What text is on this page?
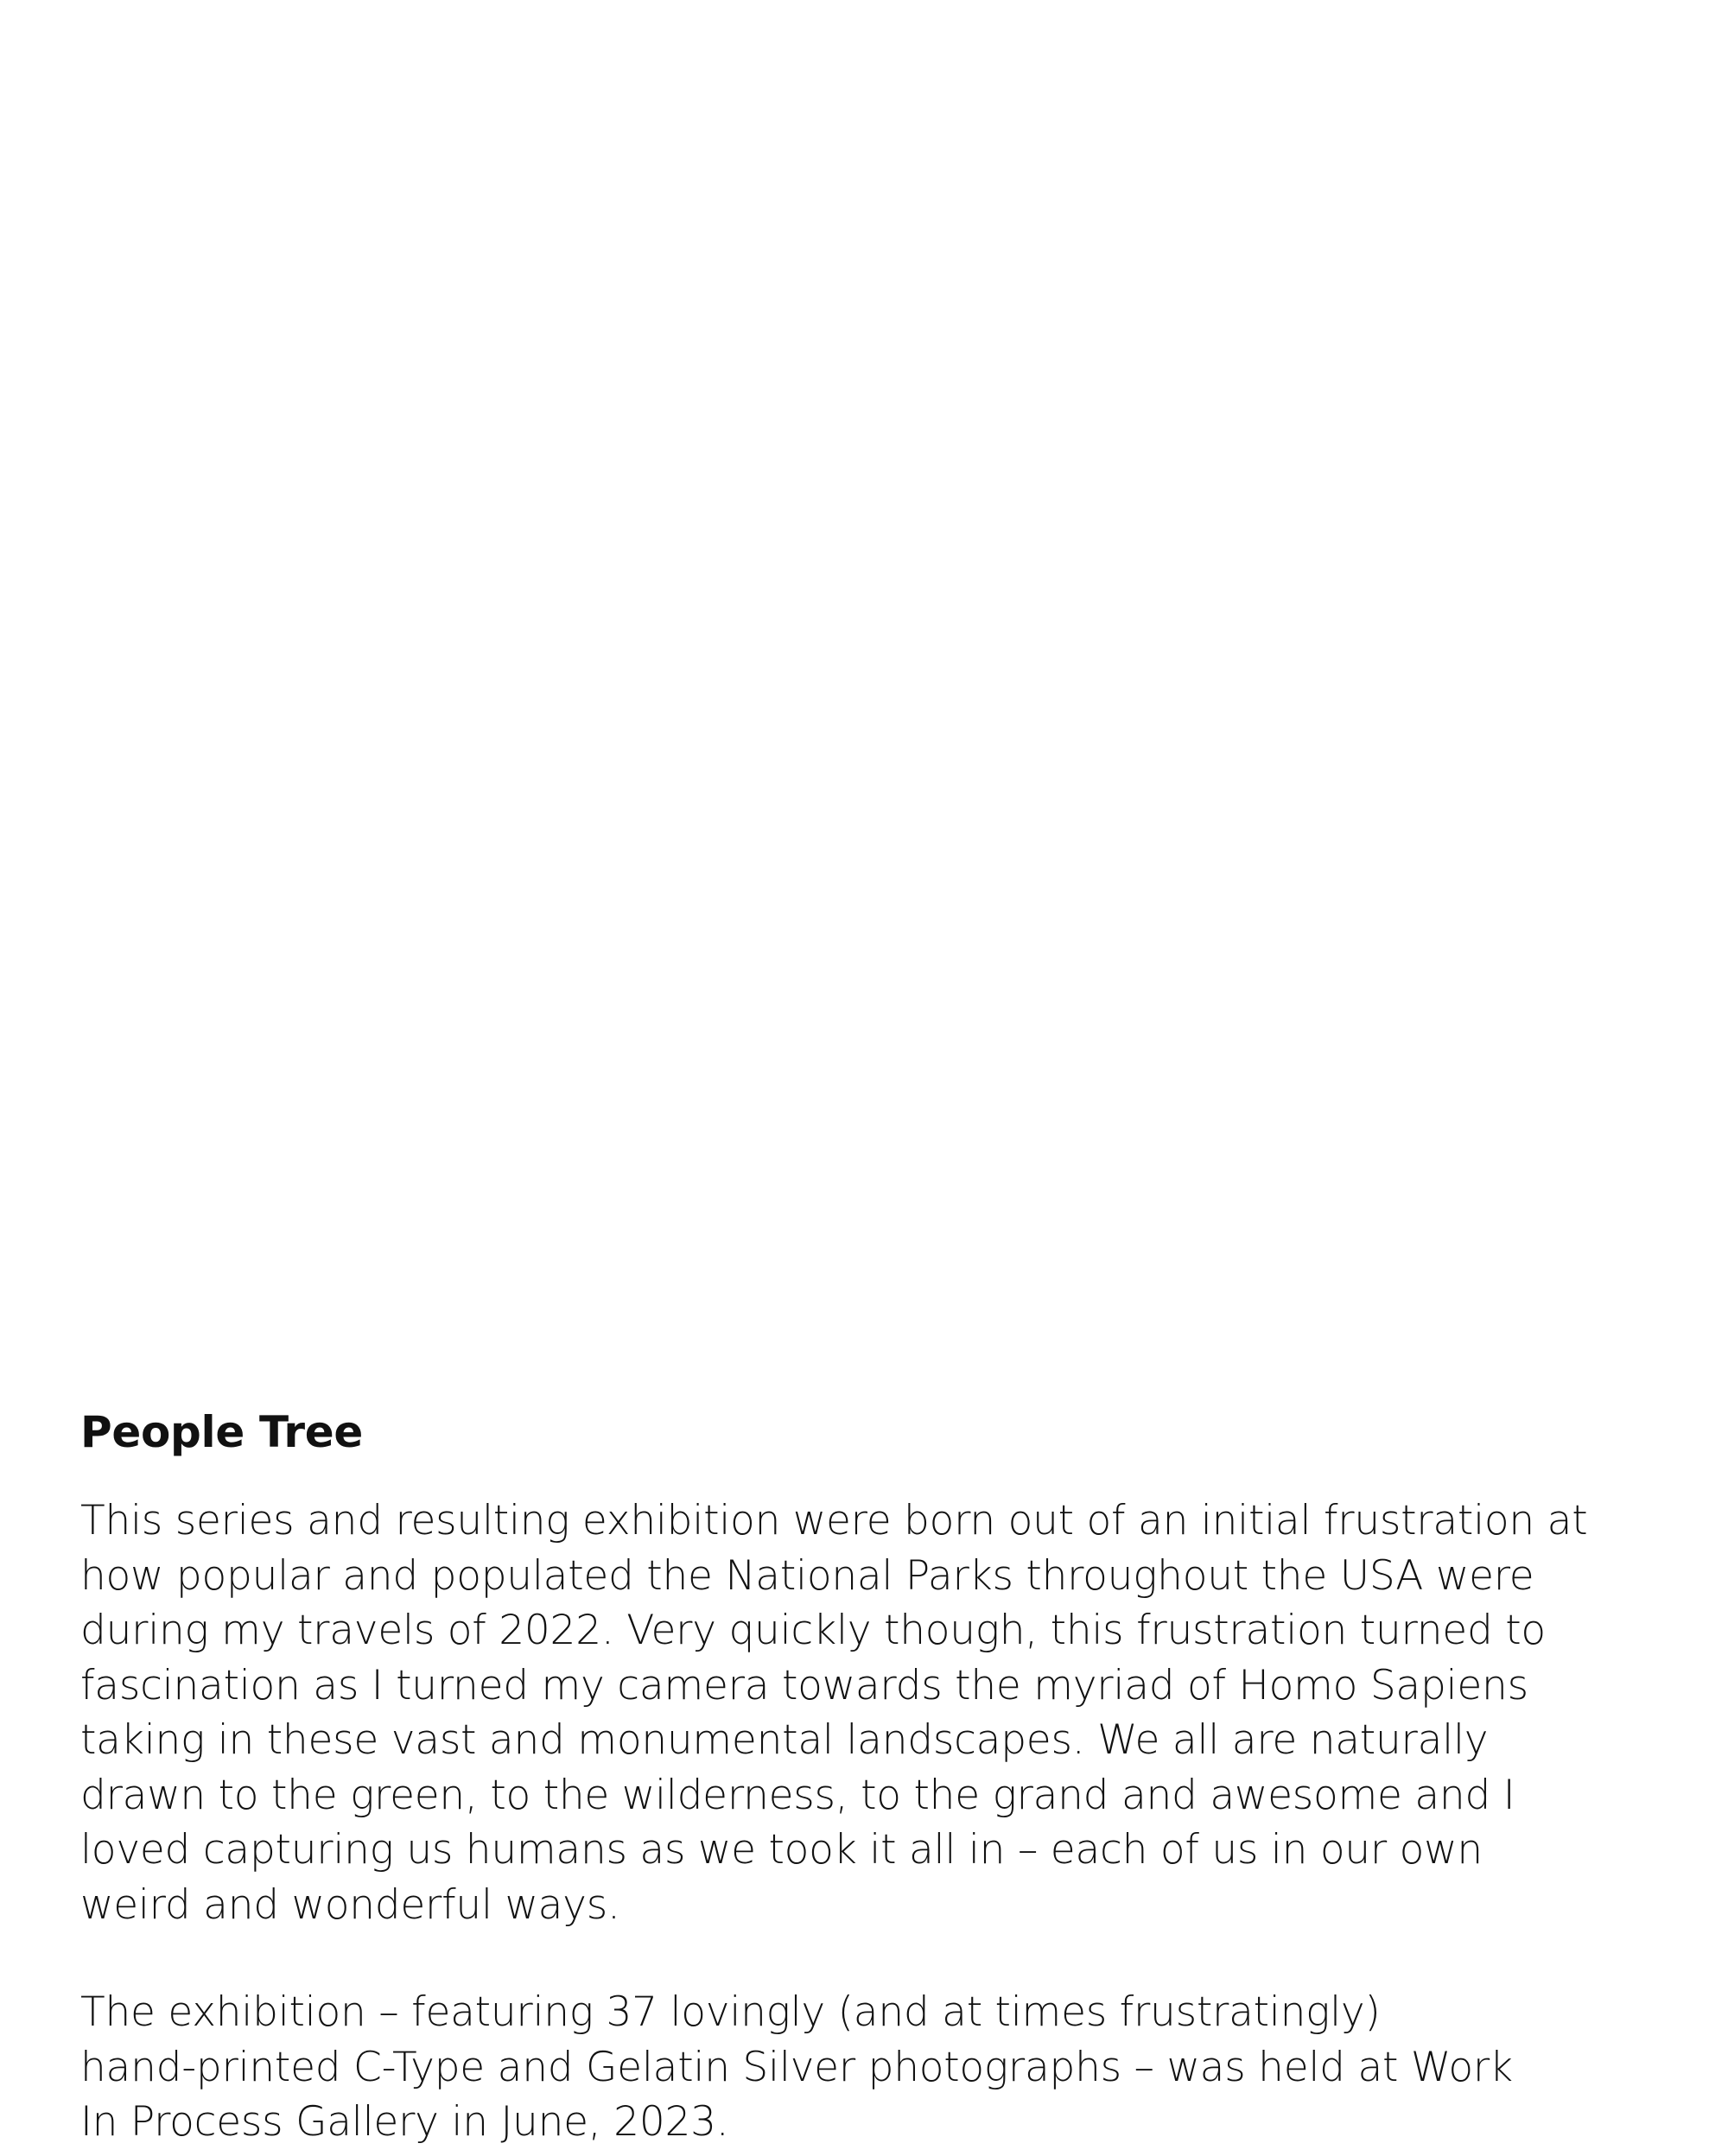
People Tree

This series and resulting exhibition were born out of an initial frustration at
how popular and populated the National Parks throughout the USA were
during my travels of 2022. Very quickly though, this frustration turned to
fascination as I turned my camera towards the myriad of Homo Sapiens
taking in these vast and monumental landscapes. We all are naturally
drawn to the green, to the wilderness, to the grand and awesome and I
loved capturing us humans as we took it all in – each of us in our own
weird and wonderful ways.

The exhibition – featuring 37 lovingly (and at times frustratingly)
hand-printed C-Type and Gelatin Silver photographs – was held at Work
In Process Gallery in June, 2023.
